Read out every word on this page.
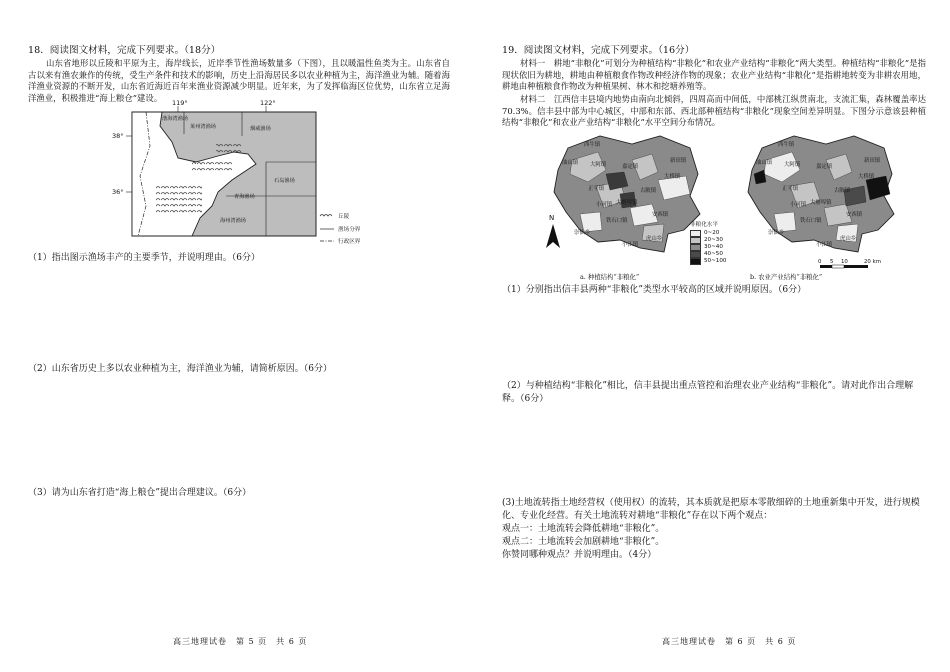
18．阅读图文材料，完成下列要求。（18分）
山东省地形以丘陵和平原为主，海岸线长，近岸季节性渔场数量多（下图），且以暖温性鱼类为主。山东省自古以来有渔农兼作的传统，受生产条件和技术的影响，历史上沿海居民多以农业种植为主，海洋渔业为辅。随着海洋渔业资源的不断开发，山东省近海近百年来渔业资源减少明显。近年来，为了发挥临海区位优势，山东省立足海洋渔业，积极推进“海上粮仓”建设。
119°	122°
38°
36°
渤海湾渔场
莱州湾渔场	烟威渔场
石岛渔场
青海渔场
海州湾渔场
丘陵
渔场分界
行政区界
（1）指出图示渔场丰产的主要季节，并说明理由。（6分）
（2）山东省历史上多以农业种植为主，海洋渔业为辅，请简析原因。（6分）
（3）请为山东省打造“海上粮仓”提出合理建议。（6分）
高三地理试卷　第 5 页　共 6 页
19．阅读图文材料，完成下列要求。（16分）
材料一　耕地“非粮化”可划分为种植结构“非粮化”和农业产业结构“非粮化”两大类型。种植结构“非粮化”是指现状依旧为耕地，耕地由种植粮食作物改种经济作物的现象；农业产业结构“非粮化”是指耕地转变为非耕农用地，耕地由种植粮食作物改为种植果树、林木和挖塘养殖等。
材料二　江西信丰县境内地势由南向北倾斜，四周高而中间低，中部桃江纵贯南北，支流汇集，森林覆盖率达70.3%。信丰县中部为中心城区，中部和东部、西北部种植结构“非粮化”现象空间差异明显。下图分示意该县种植结构“非粮化”和农业产业结构“非粮化”水平空间分布情况。
西牛镇
油山镇 大阿镇	嘉定镇
新田镇
正平镇
大桥镇
古陂镇
大塘埠镇
小河镇
铁石口镇
安西镇
崇仙乡
小江镇
虎山乡
西牛镇
油山镇 大阿镇	嘉定镇
新田镇
正平镇
大桥镇
古陂镇
大塘埠镇
小河镇
铁石口镇
安西镇
崇仙乡
小江镇
虎山乡
N
非粮化水平
0~20
20~30
30~40
40~50
50~100	0 5 10	20 km
a. 种植结构“非粮化”	b. 农业产业结构“非粮化”
（1）分别指出信丰县两种“非粮化”类型水平较高的区域并说明原因。（6分）
（2）与种植结构“非粮化”相比，信丰县提出重点管控和治理农业产业结构“非粮化”。请对此作出合理解释。（6分）
(3)土地流转指土地经营权（使用权）的流转，其本质就是把原本零散细碎的土地重新集中开发，进行规模化、专业化经营。有关土地流转对耕地“非粮化”存在以下两个观点：
观点一：土地流转会降低耕地“非粮化”。
观点二：土地流转会加剧耕地“非粮化”。
你赞同哪种观点？并说明理由。（4分）
高三地理试卷　第 6 页　共 6 页
